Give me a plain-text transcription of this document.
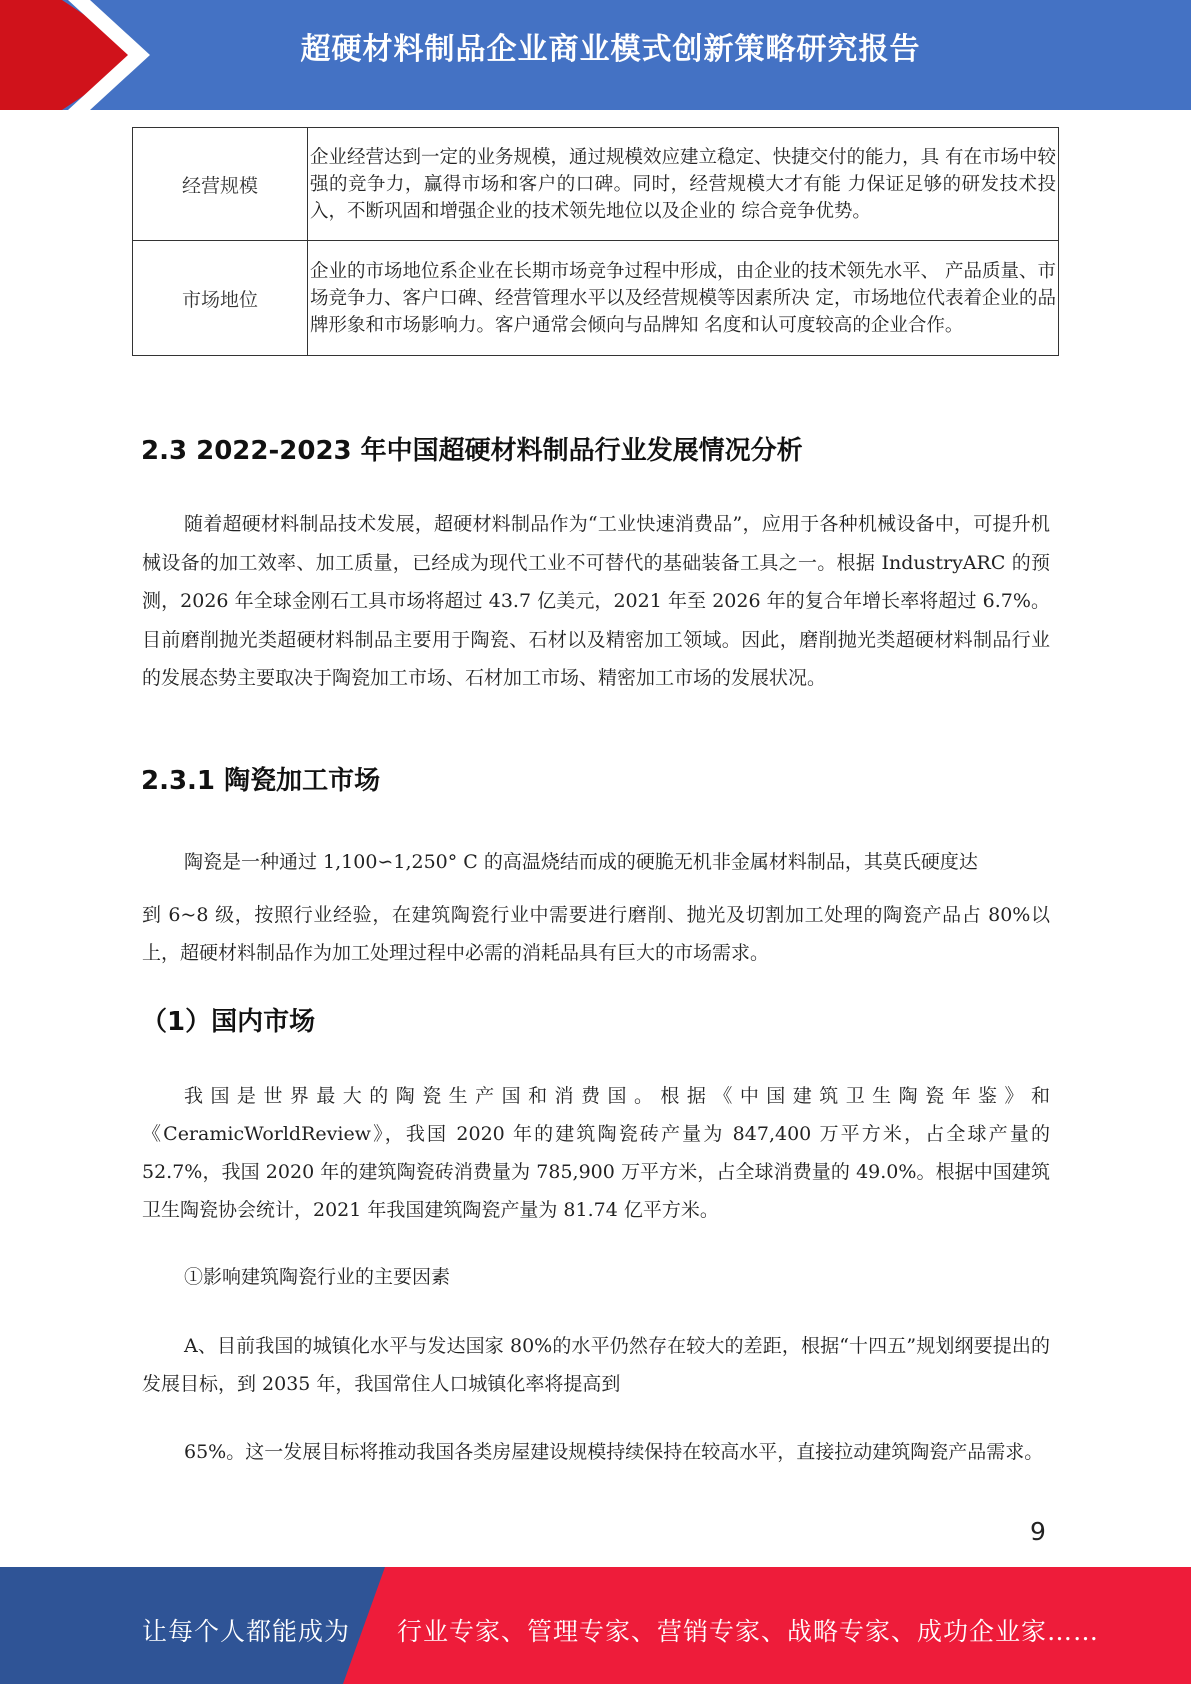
超硬材料制品企业商业模式创新策略研究报告
经营规模	企业经营达到一定的业务规模，通过规模效应建立稳定、快捷交付的能力，具 有在市场中较强的竞争力，赢得市场和客户的口碑。同时，经营规模大才有能 力保证足够的研发技术投入，不断巩固和增强企业的技术领先地位以及企业的 综合竞争优势。
市场地位	企业的市场地位系企业在长期市场竞争过程中形成，由企业的技术领先水平、 产品质量、市场竞争力、客户口碑、经营管理水平以及经营规模等因素所决 定，市场地位代表着企业的品牌形象和市场影响力。客户通常会倾向与品牌知 名度和认可度较高的企业合作。
2.3 2022-2023 年中国超硬材料制品行业发展情况分析

随着超硬材料制品技术发展，超硬材料制品作为“工业快速消费品”，应用于各种机械设备中，可提升机械设备的加工效率、加工质量，已经成为现代工业不可替代的基础装备工具之一。根据 IndustryARC 的预测，2026 年全球金刚石工具市场将超过 43.7 亿美元，2021 年至 2026 年的复合年增长率将超过 6.7%。目前磨削抛光类超硬材料制品主要用于陶瓷、石材以及精密加工领域。因此，磨削抛光类超硬材料制品行业的发展态势主要取决于陶瓷加工市场、石材加工市场、精密加工市场的发展状况。

2.3.1 陶瓷加工市场

陶瓷是一种通过 1,100∽1,250° C 的高温烧结而成的硬脆无机非金属材料制品，其莫氏硬度达

到 6~8 级，按照行业经验，在建筑陶瓷行业中需要进行磨削、抛光及切割加工处理的陶瓷产品占 80%以上，超硬材料制品作为加工处理过程中必需的消耗品具有巨大的市场需求。

（1）国内市场

我国是世界最大的陶瓷生产国和消费国。根据《中国建筑卫生陶瓷年鉴》和《CeramicWorldReview》，我国 2020 年的建筑陶瓷砖产量为 847,400 万平方米，占全球产量的 52.7%，我国 2020 年的建筑陶瓷砖消费量为 785,900 万平方米，占全球消费量的 49.0%。根据中国建筑卫生陶瓷协会统计，2021 年我国建筑陶瓷产量为 81.74 亿平方米。

①影响建筑陶瓷行业的主要因素

A、目前我国的城镇化水平与发达国家 80%的水平仍然存在较大的差距，根据“十四五”规划纲要提出的发展目标，到 2035 年，我国常住人口城镇化率将提高到

65%。这一发展目标将推动我国各类房屋建设规模持续保持在较高水平，直接拉动建筑陶瓷产品需求。

9
让每个人都能成为 行业专家、管理专家、营销专家、战略专家、成功企业家……
